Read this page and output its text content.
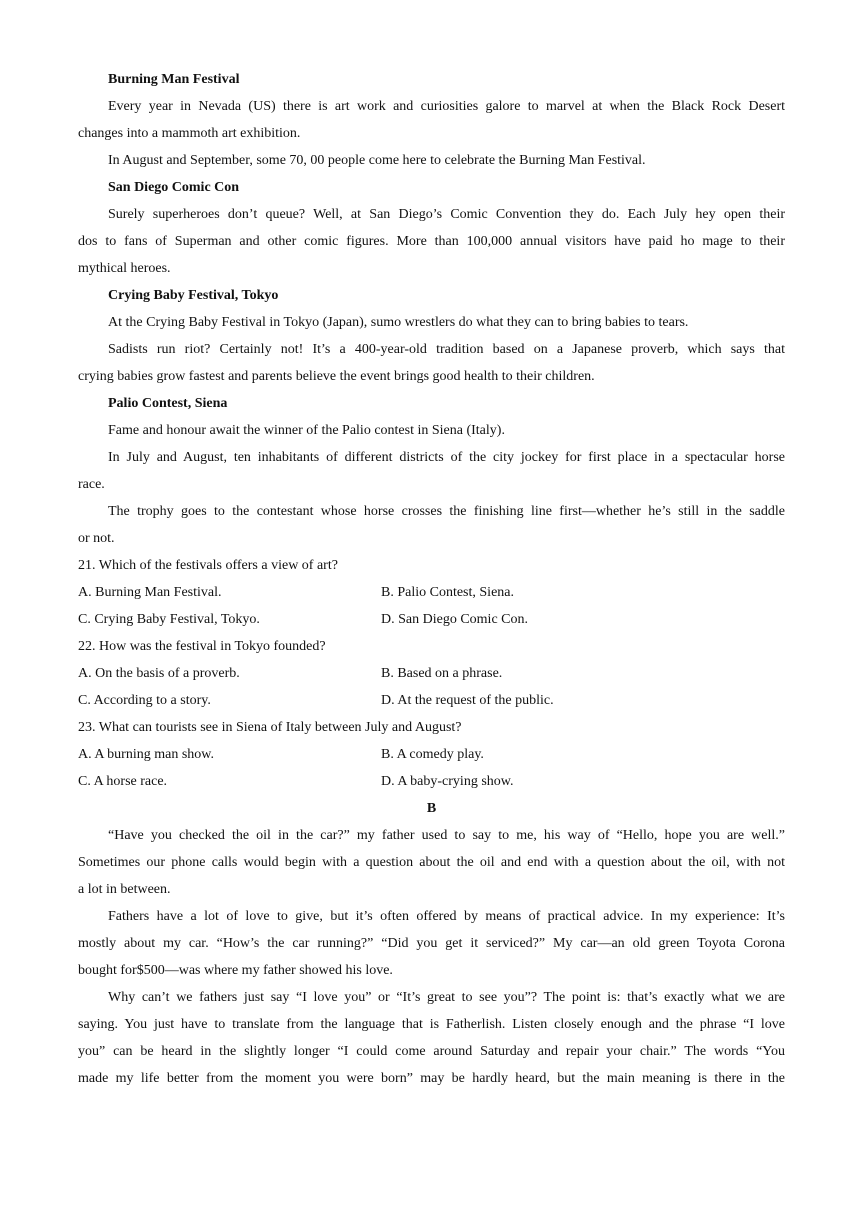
Burning Man Festival
Every year in Nevada (US) there is art work and curiosities galore to marvel at when the Black Rock Desert
changes into a mammoth art exhibition.
In August and September, some 70, 00 people come here to celebrate the Burning Man Festival.
San Diego Comic Con
Surely superheroes don’t queue? Well, at San Diego’s Comic Convention they do. Each July hey open their
dos to fans of Superman and other comic figures. More than 100,000 annual visitors have paid ho mage to their
mythical heroes.
Crying Baby Festival, Tokyo
At the Crying Baby Festival in Tokyo (Japan), sumo wrestlers do what they can to bring babies to tears.
Sadists run riot? Certainly not! It’s a 400-year-old tradition based on a Japanese proverb, which says that
crying babies grow fastest and parents believe the event brings good health to their children.
Palio Contest, Siena
Fame and honour await the winner of the Palio contest in Siena (Italy).
In July and August, ten inhabitants of different districts of the city jockey for first place in a spectacular horse
race.
The trophy goes to the contestant whose horse crosses the finishing line first—whether he’s still in the saddle
or not.
21. Which of the festivals offers a view of art?
A. Burning Man Festival.	B. Palio Contest, Siena.
C. Crying Baby Festival, Tokyo.	D. San Diego Comic Con.
22. How was the festival in Tokyo founded?
A. On the basis of a proverb.	B. Based on a phrase.
C. According to a story.	D. At the request of the public.
23. What can tourists see in Siena of Italy between July and August?
A. A burning man show.	B. A comedy play.
C. A horse race.	D. A baby-crying show.
B
“Have you checked the oil in the car?” my father used to say to me, his way of “Hello, hope you are well.”
Sometimes our phone calls would begin with a question about the oil and end with a question about the oil, with not
a lot in between.
Fathers have a lot of love to give, but it’s often offered by means of practical advice. In my experience: It’s
mostly about my car. “How’s the car running?” “Did you get it serviced?” My car—an old green Toyota Corona
bought for$500—was where my father showed his love.
Why can’t we fathers just say “I love you” or “It’s great to see you”? The point is: that’s exactly what we are
saying. You just have to translate from the language that is Fatherlish. Listen closely enough and the phrase “I love
you” can be heard in the slightly longer “I could come around Saturday and repair your chair.” The words “You
made my life better from the moment you were born” may be hardly heard, but the main meaning is there in the
